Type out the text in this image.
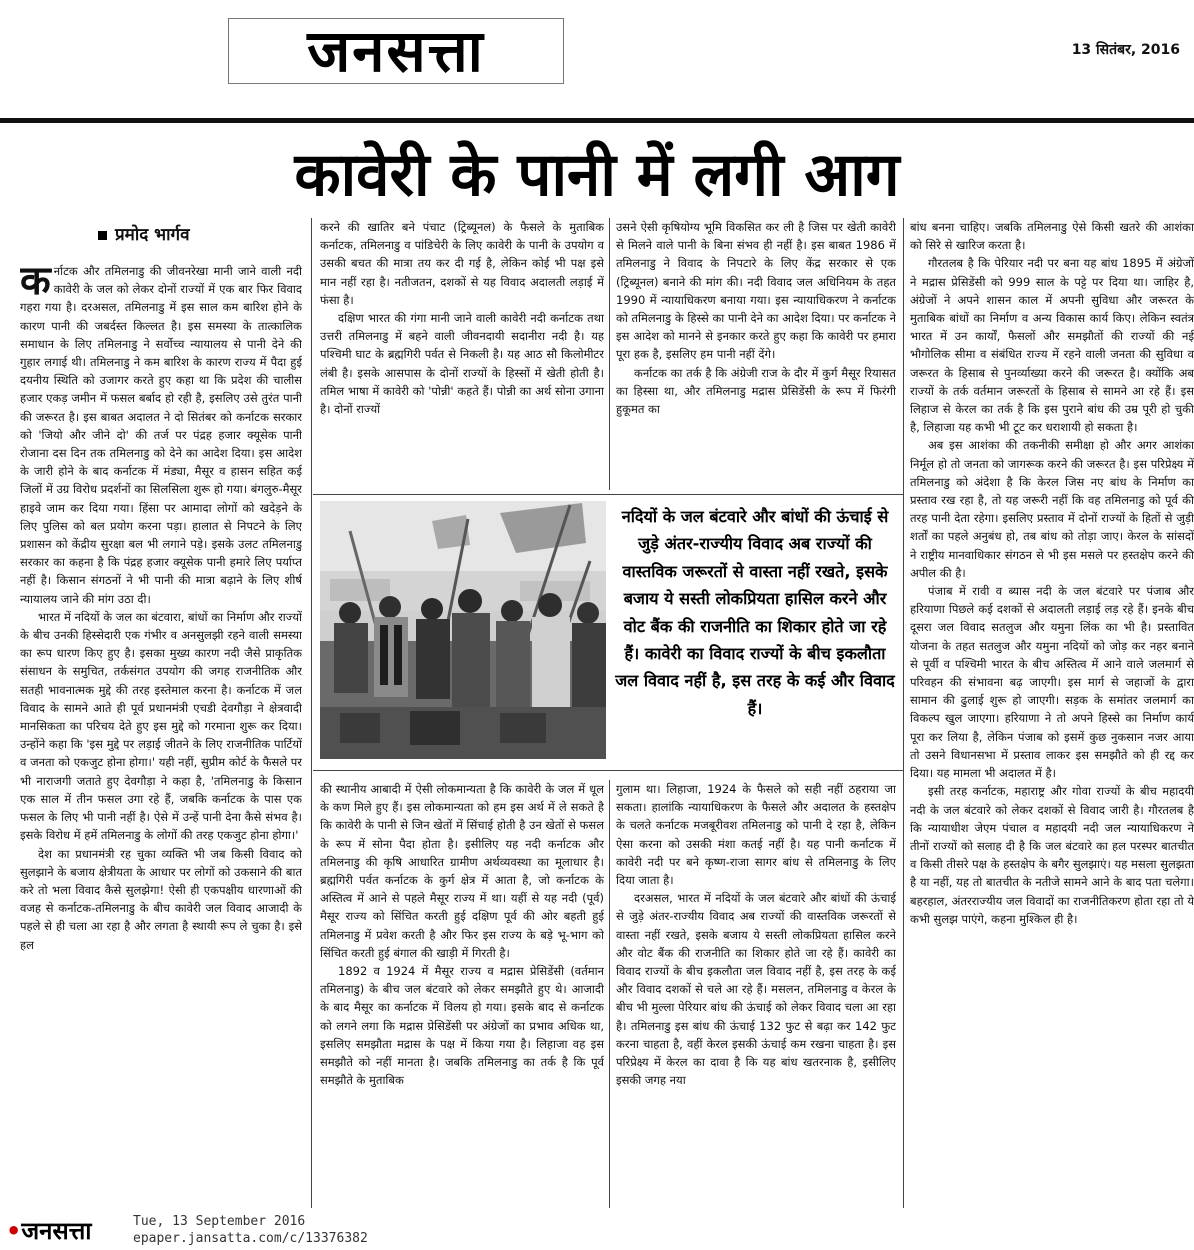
जनसत्ता	13 सितंबर, 2016
कावेरी के पानी में लगी आग
प्रमोद भार्गव

कर्नाटक और तमिलनाडु की जीवनरेखा मानी जाने वाली नदी कावेरी के जल को लेकर दोनों राज्यों में एक बार फिर विवाद गहरा गया है। दरअसल, तमिलनाडु में इस साल कम बारिश होने के कारण पानी की जबर्दस्त किल्लत है। इस समस्या के तात्कालिक समाधान के लिए तमिलनाडु ने सर्वोच्च न्यायालय से पानी देने की गुहार लगाई थी। तमिलनाडु ने कम बारिश के कारण राज्य में पैदा हुई दयनीय स्थिति को उजागर करते हुए कहा था कि प्रदेश की चालीस हजार एकड़ जमीन में फसल बर्बाद हो रही है, इसलिए उसे तुरंत पानी की जरूरत है। इस बाबत अदालत ने दो सितंबर को कर्नाटक सरकार को 'जियो और जीने दो' की तर्ज पर पंद्रह हजार क्यूसेक पानी रोजाना दस दिन तक तमिलनाडु को देने का आदेश दिया। इस आदेश के जारी होने के बाद कर्नाटक में मंड्या, मैसूर व हासन सहित कई जिलों में उग्र विरोध प्रदर्शनों का सिलसिला शुरू हो गया। बंगलुरु-मैसूर हाइवे जाम कर दिया गया। हिंसा पर आमादा लोगों को खदेड़ने के लिए पुलिस को बल प्रयोग करना पड़ा। हालात से निपटने के लिए प्रशासन को केंद्रीय सुरक्षा बल भी लगाने पड़े। इसके उलट तमिलनाडु सरकार का कहना है कि पंद्रह हजार क्यूसेक पानी हमारे लिए पर्याप्त नहीं है। किसान संगठनों ने भी पानी की मात्रा बढ़ाने के लिए शीर्ष न्यायालय जाने की मांग उठा दी।

भारत में नदियों के जल का बंटवारा, बांधों का निर्माण और राज्यों के बीच उनकी हिस्सेदारी एक गंभीर व अनसुलझी रहने वाली समस्या का रूप धारण किए हुए है। इसका मुख्य कारण नदी जैसे प्राकृतिक संसाधन के समुचित, तर्कसंगत उपयोग की जगह राजनीतिक और सतही भावनात्मक मुद्दे की तरह इस्तेमाल करना है। कर्नाटक में जल विवाद के सामने आते ही पूर्व प्रधानमंत्री एचडी देवगौड़ा ने क्षेत्रवादी मानसिकता का परिचय देते हुए इस मुद्दे को गरमाना शुरू कर दिया। उन्होंने कहा कि 'इस मुद्दे पर लड़ाई जीतने के लिए राजनीतिक पार्टियों व जनता को एकजुट होना होगा।' यही नहीं, सुप्रीम कोर्ट के फैसले पर भी नाराजगी जताते हुए देवगौड़ा ने कहा है, 'तमिलनाडु के किसान एक साल में तीन फसल उगा रहे हैं, जबकि कर्नाटक के पास एक फसल के लिए भी पानी नहीं है। ऐसे में उन्हें पानी देना कैसे संभव है। इसके विरोध में हमें तमिलनाडु के लोगों की तरह एकजुट होना होगा।'

देश का प्रधानमंत्री रह चुका व्यक्ति भी जब किसी विवाद को सुलझाने के बजाय क्षेत्रीयता के आधार पर लोगों को उकसाने की बात करे तो भला विवाद कैसे सुलझेगा! ऐसी ही एकपक्षीय धारणाओं की वजह से कर्नाटक-तमिलनाडु के बीच कावेरी जल विवाद आजादी के पहले से ही चला आ रहा है और लगता है स्थायी रूप ले चुका है। इसे हल

करने की खातिर बने पंचाट (ट्रिब्यूनल) के फैसले के मुताबिक कर्नाटक, तमिलनाडु व पांडिचेरी के लिए कावेरी के पानी के उपयोग व उसकी बचत की मात्रा तय कर दी गई है, लेकिन कोई भी पक्ष इसे मान नहीं रहा है। नतीजतन, दशकों से यह विवाद अदालती लड़ाई में फंसा है।

दक्षिण भारत की गंगा मानी जाने वाली कावेरी नदी कर्नाटक तथा उत्तरी तमिलनाडु में बहने वाली जीवनदायी सदानीरा नदी है। यह पश्चिमी घाट के ब्रह्मगिरी पर्वत से निकली है। यह आठ सौ किलोमीटर लंबी है। इसके आसपास के दोनों राज्यों के हिस्सों में खेती होती है। तमिल भाषा में कावेरी को 'पोन्नी' कहते हैं। पोन्नी का अर्थ सोना उगाना है। दोनों राज्यों

उसने ऐसी कृषियोग्य भूमि विकसित कर ली है जिस पर खेती कावेरी से मिलने वाले पानी के बिना संभव ही नहीं है। इस बाबत 1986 में तमिलनाडु ने विवाद के निपटारे के लिए केंद्र सरकार से एक (ट्रिब्यूनल) बनाने की मांग की। नदी विवाद जल अधिनियम के तहत 1990 में न्यायाधिकरण बनाया गया। इस न्यायाधिकरण ने कर्नाटक को तमिलनाडु के हिस्से का पानी देने का आदेश दिया। पर कर्नाटक ने इस आदेश को मानने से इनकार करते हुए कहा कि कावेरी पर हमारा पूरा हक है, इसलिए हम पानी नहीं देंगे।

कर्नाटक का तर्क है कि अंग्रेजी राज के दौर में कुर्ग मैसूर रियासत का हिस्सा था, और तमिलनाडु मद्रास प्रेसिडेंसी के रूप में फिरंगी हुकूमत का

बांध बनना चाहिए। जबकि तमिलनाडु ऐसे किसी खतरे की आशंका को सिरे से खारिज करता है।

गौरतलब है कि पेरियार नदी पर बना यह बांध 1895 में अंग्रेजों ने मद्रास प्रेसिडेंसी को 999 साल के पट्टे पर दिया था। जाहिर है, अंग्रेजों ने अपने शासन काल में अपनी सुविधा और जरूरत के मुताबिक बांधों का निर्माण व अन्य विकास कार्य किए। लेकिन स्वतंत्र भारत में उन कार्यों, फैसलों और समझौतों की राज्यों की नई भौगोलिक सीमा व संबंधित राज्य में रहने वाली जनता की सुविधा व जरूरत के हिसाब से पुनर्व्याख्या करने की जरूरत है। क्योंकि अब राज्यों के तर्क वर्तमान जरूरतों के हिसाब से सामने आ रहे हैं। इस लिहाज से केरल का तर्क है कि इस पुराने बांध की उम्र पूरी हो चुकी है, लिहाजा यह कभी भी टूट कर धराशायी हो सकता है।

अब इस आशंका की तकनीकी समीक्षा हो और अगर आशंका निर्मूल हो तो जनता को जागरूक करने की जरूरत है। इस परिप्रेक्ष्य में तमिलनाडु को अंदेशा है कि केरल जिस नए बांध के निर्माण का प्रस्ताव रख रहा है, तो यह जरूरी नहीं कि वह तमिलनाडु को पूर्व की तरह पानी देता रहेगा। इसलिए प्रस्ताव में दोनों राज्यों के हितों से जुड़ी शर्तों का पहले अनुबंध हो, तब बांध को तोड़ा जाए। केरल के सांसदों ने राष्ट्रीय मानवाधिकार संगठन से भी इस मसले पर हस्तक्षेप करने की अपील की है।

पंजाब में रावी व ब्यास नदी के जल बंटवारे पर पंजाब और हरियाणा पिछले कई दशकों से अदालती लड़ाई लड़ रहे हैं। इनके बीच दूसरा जल विवाद सतलुज और यमुना लिंक का भी है। प्रस्तावित योजना के तहत सतलुज और यमुना नदियों को जोड़ कर नहर बनाने से पूर्वी व पश्चिमी भारत के बीच अस्तित्व में आने वाले जलमार्ग से परिवहन की संभावना बढ़ जाएगी। इस मार्ग से जहाजों के द्वारा सामान की ढुलाई शुरू हो जाएगी। सड़क के समांतर जलमार्ग का विकल्प खुल जाएगा। हरियाणा ने तो अपने हिस्से का निर्माण कार्य पूरा कर लिया है, लेकिन पंजाब को इसमें कुछ नुकसान नजर आया तो उसने विधानसभा में प्रस्ताव लाकर इस समझौते को ही रद्द कर दिया। यह मामला भी अदालत में है।

इसी तरह कर्नाटक, महाराष्ट्र और गोवा राज्यों के बीच महादयी नदी के जल बंटवारे को लेकर दशकों से विवाद जारी है। गौरतलब है कि न्यायाधीश जेएम पंचाल व महादयी नदी जल न्यायाधिकरण ने तीनों राज्यों को सलाह दी है कि जल बंटवारे का हल परस्पर बातचीत व किसी तीसरे पक्ष के हस्तक्षेप के बगैर सुलझाएं। यह मसला सुलझता है या नहीं, यह तो बातचीत के नतीजे सामने आने के बाद पता चलेगा। बहरहाल, अंतरराज्यीय जल विवादों का राजनीतिकरण होता रहा तो ये कभी सुलझ पाएंगे, कहना मुश्किल ही है।

नदियों के जल बंटवारे और बांधों की ऊंचाई से जुड़े अंतर-राज्यीय विवाद अब राज्यों की वास्तविक जरूरतों से वास्ता नहीं रखते, इसके बजाय ये सस्ती लोकप्रियता हासिल करने और वोट बैंक की राजनीति का शिकार होते जा रहे हैं। कावेरी का विवाद राज्यों के बीच इकलौता जल विवाद नहीं है, इस तरह के कई और विवाद हैं।

की स्थानीय आबादी में ऐसी लोकमान्यता है कि कावेरी के जल में धूल के कण मिले हुए हैं। इस लोकमान्यता को हम इस अर्थ में ले सकते है कि कावेरी के पानी से जिन खेतों में सिंचाई होती है उन खेतों से फसल के रूप में सोना पैदा होता है। इसीलिए यह नदी कर्नाटक और तमिलनाडु की कृषि आधारित ग्रामीण अर्थव्यवस्था का मूलाधार है। ब्रह्मगिरी पर्वत कर्नाटक के कुर्ग क्षेत्र में आता है, जो कर्नाटक के अस्तित्व में आने से पहले मैसूर राज्य में था। यहीं से यह नदी (पूर्व) मैसूर राज्य को सिंचित करती हुई दक्षिण पूर्व की ओर बहती हुई तमिलनाडु में प्रवेश करती है और फिर इस राज्य के बड़े भू-भाग को सिंचित करती हुई बंगाल की खाड़ी में गिरती है।

1892 व 1924 में मैसूर राज्य व मद्रास प्रेसिडेंसी (वर्तमान तमिलनाडु) के बीच जल बंटवारे को लेकर समझौते हुए थे। आजादी के बाद मैसूर का कर्नाटक में विलय हो गया। इसके बाद से कर्नाटक को लगने लगा कि मद्रास प्रेसिडेंसी पर अंग्रेजों का प्रभाव अधिक था, इसलिए समझौता मद्रास के पक्ष में किया गया है। लिहाजा वह इस समझौते को नहीं मानता है। जबकि तमिलनाडु का तर्क है कि पूर्व समझौते के मुताबिक

गुलाम था। लिहाजा, 1924 के फैसले को सही नहीं ठहराया जा सकता। हालांकि न्यायाधिकरण के फैसले और अदालत के हस्तक्षेप के चलते कर्नाटक मजबूरीवश तमिलनाडु को पानी दे रहा है, लेकिन ऐसा करना को उसकी मंशा कतई नहीं है। यह पानी कर्नाटक में कावेरी नदी पर बने कृष्ण-राजा सागर बांध से तमिलनाडु के लिए दिया जाता है।

दरअसल, भारत में नदियों के जल बंटवारे और बांधों की ऊंचाई से जुड़े अंतर-राज्यीय विवाद अब राज्यों की वास्तविक जरूरतों से वास्ता नहीं रखते, इसके बजाय ये सस्ती लोकप्रियता हासिल करने और वोट बैंक की राजनीति का शिकार होते जा रहे हैं। कावेरी का विवाद राज्यों के बीच इकलौता जल विवाद नहीं है, इस तरह के कई और विवाद दशकों से चले आ रहे हैं। मसलन, तमिलनाडु व केरल के बीच भी मुल्ला पेरियार बांध की ऊंचाई को लेकर विवाद चला आ रहा है। तमिलनाडु इस बांध की ऊंचाई 132 फुट से बढ़ा कर 142 फुट करना चाहता है, वहीं केरल इसकी ऊंचाई कम रखना चाहता है। इस परिप्रेक्ष्य में केरल का दावा है कि यह बांध खतरनाक है, इसीलिए इसकी जगह नया

•जनसत्ता	Tue, 13 September 2016
epaper.jansatta.com/c/13376382
